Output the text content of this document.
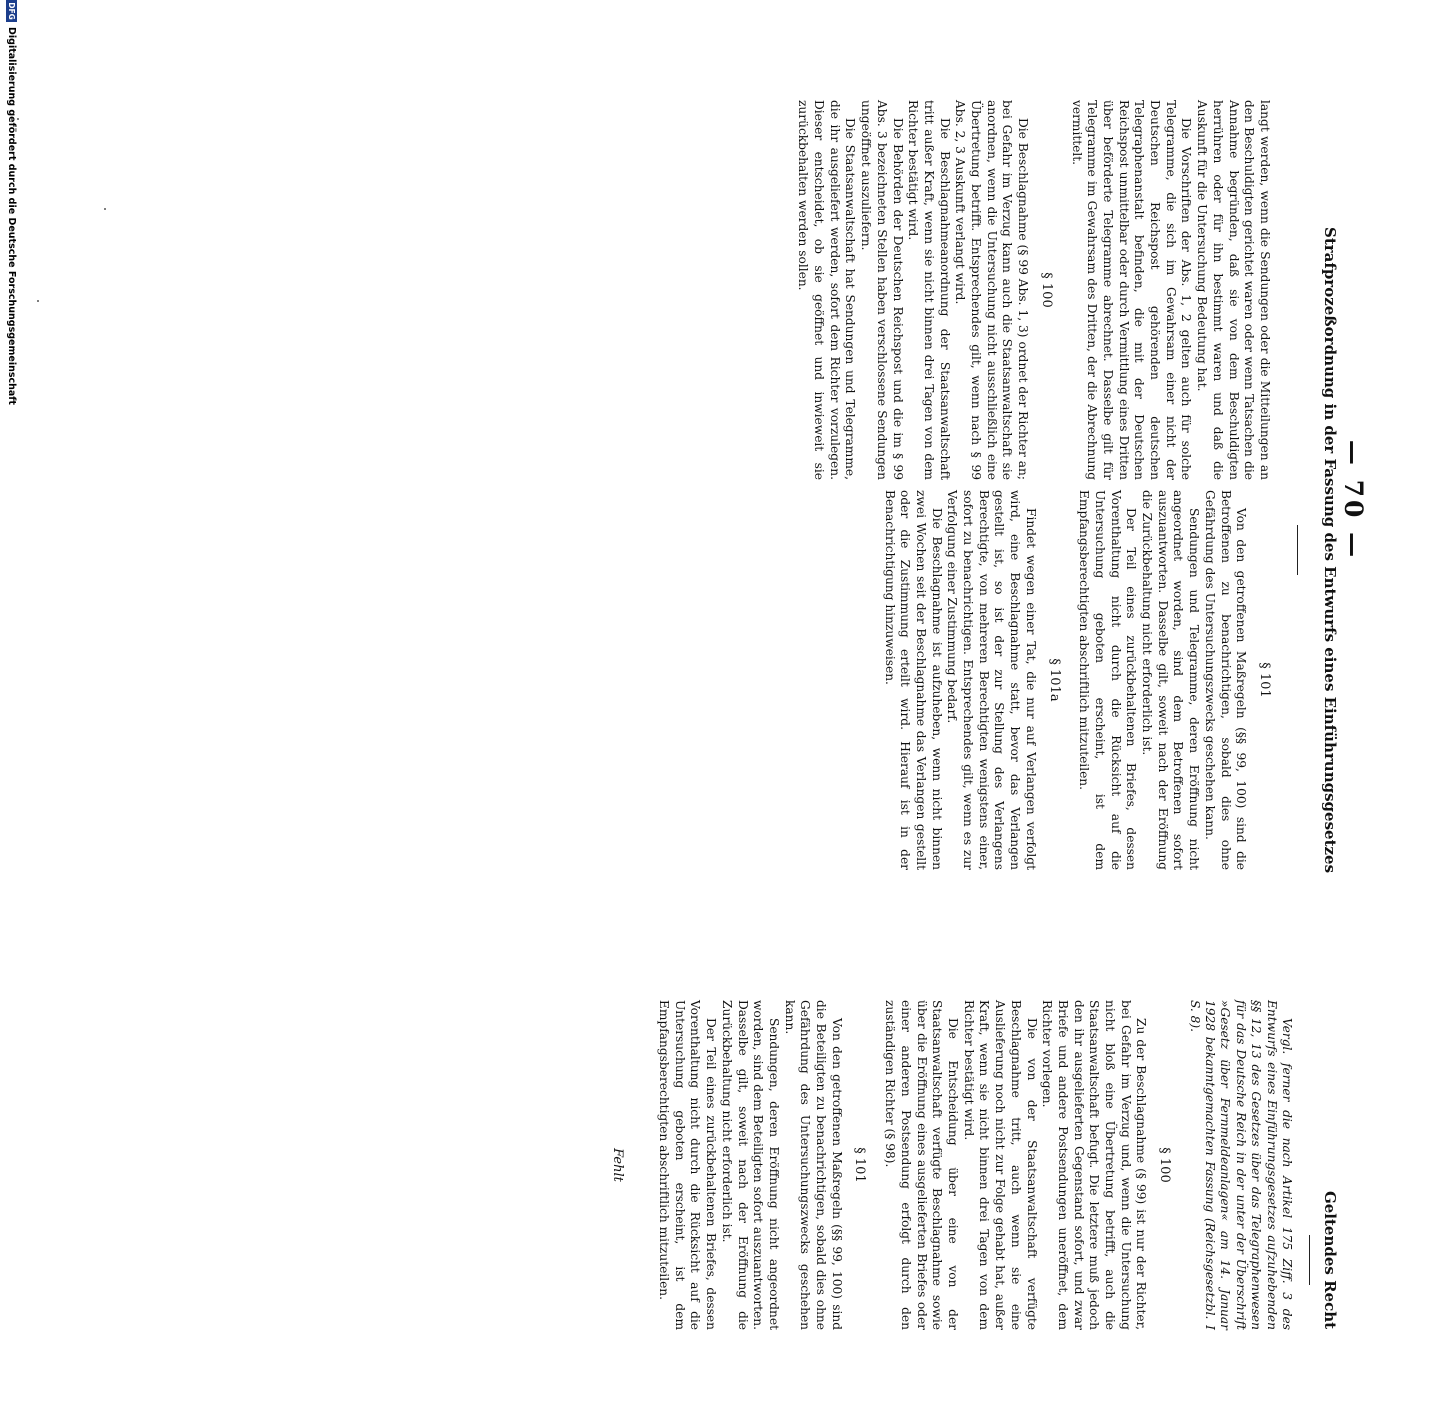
— 70 —
Strafprozeßordnung in der Fassung des Entwurfs eines Einführungsgesetzes
Geltendes Recht

langt werden, wenn die Sendungen oder die Mitteilungen an den Beschuldigten gerichtet waren oder wenn Tatsachen die Annahme begründen, daß sie von dem Beschuldigten herrühren oder für ihn bestimmt waren und daß die Auskunft für die Untersuchung Bedeutung hat.

Die Vorschriften der Abs. 1, 2 gelten auch für solche Telegramme, die sich im Gewahrsam einer nicht der Deutschen Reichspost gehörenden deutschen Telegraphenanstalt befinden, die mit der Deutschen Reichspost unmittelbar oder durch Vermittlung eines Dritten über befördertе Telegramme abrechnet. Dasselbe gilt für Telegramme im Gewahrsam des Dritten, der die Abrechnung vermittelt.

§ 100

Die Beschlagnahme (§ 99 Abs. 1, 3) ordnet der Richter an; bei Gefahr im Verzug kann auch die Staatsanwaltschaft sie anordnen, wenn die Untersuchung nicht ausschließlich eine Übertretung betrifft. Entsprechendes gilt, wenn nach § 99 Abs. 2, 3 Auskunft verlangt wird.

Die Beschlagnahmeanordnung der Staatsanwaltschaft tritt außer Kraft, wenn sie nicht binnen drei Tagen von dem Richter bestätigt wird.

Die Behörden der Deutschen Reichspost und die im § 99 Abs. 3 bezeichneten Stellen haben verschlossene Sendungen ungeöffnet auszuliefern.

Die Staatsanwaltschaft hat Sendungen und Telegramme, die ihr ausgeliefert werden, sofort dem Richter vorzulegen. Dieser entscheidet, ob sie geöffnet und inwieweit sie zurückbehalten werden sollen.

§ 101

Von den getroffenen Maßregeln (§§ 99, 100) sind die Betroffenen zu benachrichtigen, sobald dies ohne Gefährdung des Untersuchungszwecks geschehen kann.

Sendungen und Telegramme, deren Eröffnung nicht angeordnet worden, sind dem Betroffenen sofort auszuantworten. Dasselbe gilt, soweit nach der Eröffnung die Zurückbehaltung nicht erforderlich ist.

Der Teil eines zurückbehaltenen Briefes, dessen Vorenthaltung nicht durch die Rücksicht auf die Untersuchung geboten erscheint, ist dem Empfangsberechtigten abschriftlich mitzuteilen.

§ 101a

Findet wegen einer Tat, die nur auf Verlangen verfolgt wird, eine Beschlagnahme statt, bevor das Verlangen gestellt ist, so ist der zur Stellung des Verlangens Berechtigte, von mehreren Berechtigten wenigstens einer, sofort zu benachrichtigen. Entsprechendes gilt, wenn es zur Verfolgung einer Zustimmung bedarf.

Die Beschlagnahme ist aufzuheben, wenn nicht binnen zwei Wochen seit der Beschlagnahme das Verlangen gestellt oder die Zustimmung erteilt wird. Hierauf ist in der Benachrichtigung hinzuweisen.

Vergl. ferner die nach Artikel 175 Ziff. 3 des Entwurfs eines Einführungsgesetzes aufzuhebenden §§ 12, 13 des Gesetzes über das Telegraphenwesen für das Deutsche Reich in der unter der Überschrift »Gesetz über Fernmeldeanlagen« am 14. Januar 1928 bekanntgemachten Fassung (Reichsgesetzbl. I S. 8).

§ 100

Zu der Beschlagnahme (§ 99) ist nur der Richter, bei Gefahr im Verzug und, wenn die Untersuchung nicht bloß eine Übertretung betrifft, auch die Staatsanwaltschaft befugt. Die letztere muß jedoch den ihr ausgelieferten Gegenstand sofort, und zwar Briefe und andere Postsendungen uneröffnet, dem Richter vorlegen.

Die von der Staatsanwaltschaft verfügte Beschlagnahme tritt, auch wenn sie eine Auslieferung noch nicht zur Folge gehabt hat, außer Kraft, wenn sie nicht binnen drei Tagen von dem Richter bestätigt wird.

Die Entscheidung über eine von der Staatsanwaltschaft verfügte Beschlagnahme sowie über die Eröffnung eines ausgelieferten Briefes oder einer anderen Postsendung erfolgt durch den zuständigen Richter (§ 98).

§ 101

Von den getroffenen Maßregeln (§§ 99, 100) sind die Beteiligten zu benachrichtigen, sobald dies ohne Gefährdung des Untersuchungszwecks geschehen kann.

Sendungen, deren Eröffnung nicht angeordnet worden, sind dem Beteiligten sofort auszuantworten. Dasselbe gilt, soweit nach der Eröffnung die Zurückbehaltung nicht erforderlich ist.

Der Teil eines zurückbehaltenen Briefes, dessen Vorenthaltung nicht durch die Rücksicht auf die Untersuchung geboten erscheint, ist dem Empfangsberechtigten abschriftlich mitzuteilen.

Fehlt
DFG
Digitalisierung gefördert durch die Deutsche Forschungsgemeinschaft
